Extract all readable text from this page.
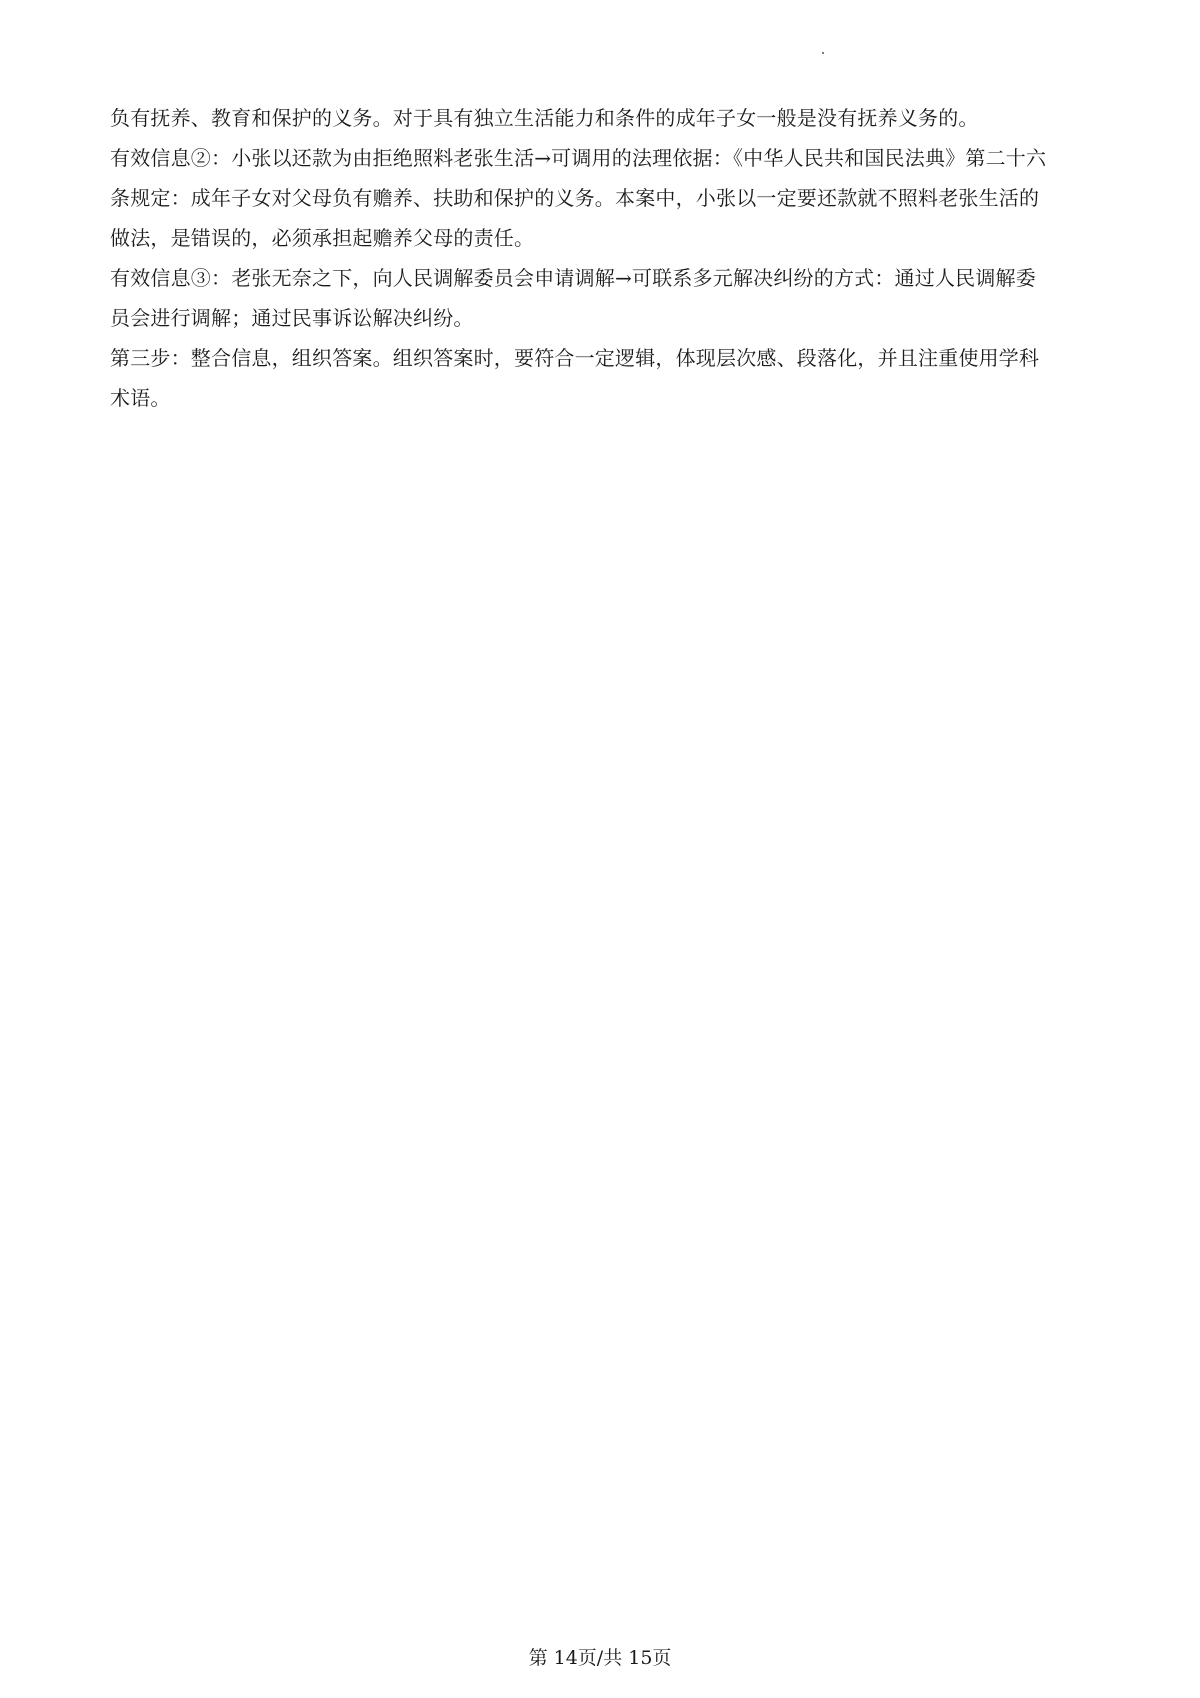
负有抚养、教育和保护的义务。对于具有独立生活能力和条件的成年子女一般是没有抚养义务的。
有效信息②：小张以还款为由拒绝照料老张生活→可调用的法理依据：《中华人民共和国民法典》第二十六
条规定：成年子女对父母负有赡养、扶助和保护的义务。本案中，小张以一定要还款就不照料老张生活的
做法，是错误的，必须承担起赡养父母的责任。
有效信息③：老张无奈之下，向人民调解委员会申请调解→可联系多元解决纠纷的方式：通过人民调解委
员会进行调解；通过民事诉讼解决纠纷。
第三步：整合信息，组织答案。组织答案时，要符合一定逻辑，体现层次感、段落化，并且注重使用学科
术语。
第 14页/共 15页
